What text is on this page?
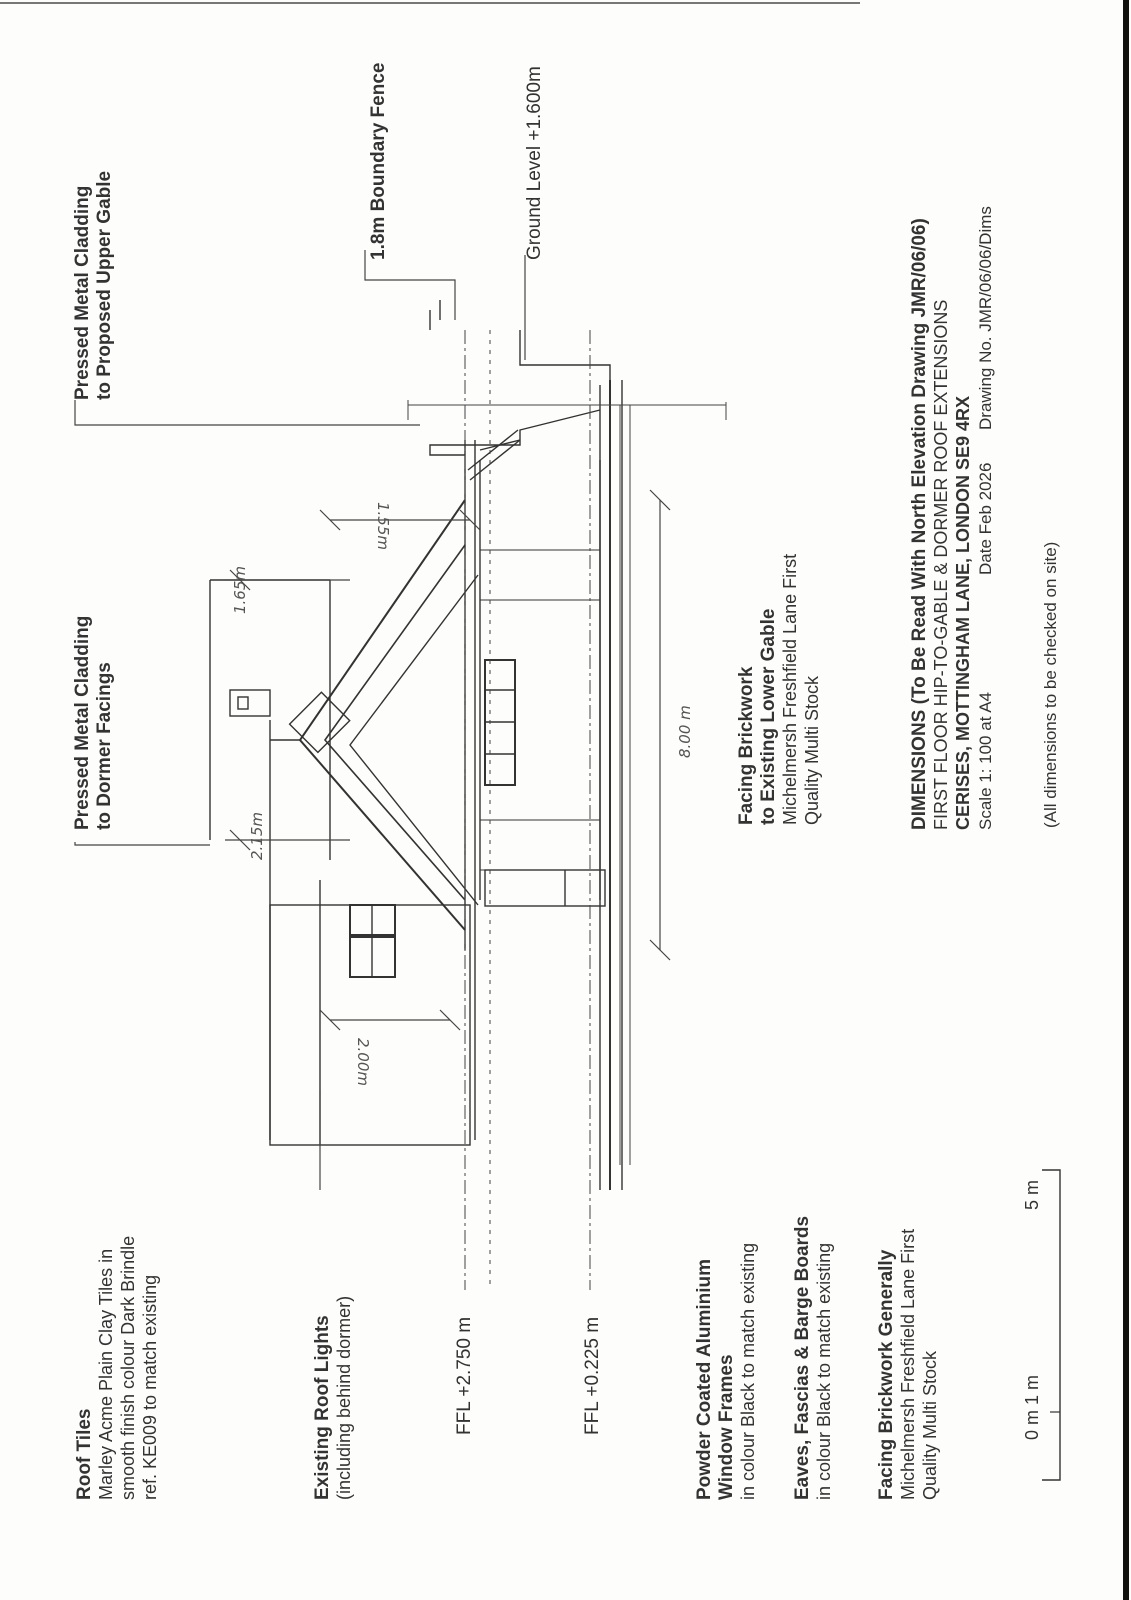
1.55m
1.65m
2.15m
8.00 m
2.00m
Roof Tiles Marley Acme Plain Clay Tiles in smooth finish colour Dark Brindle ref. KE009 to match existing	Existing Roof Lights (including behind dormer)	FFL +2.750 m	FFL +0.225 m	Powder Coated Aluminium Window Frames in colour Black to match existing Eaves, Fascias & Barge Boards in colour Black to match existing Facing Brickwork Generally Michelmersh Freshfield Lane First Quality Multi Stock	0 m 1 m
5 m
Pressed Metal Cladding to Proposed Upper Gable
Pressed Metal Cladding to Dormer Facings
1.8m Boundary Fence	Ground Level +1.600m
Facing Brickwork to Existing Lower Gable Michelmersh Freshfield Lane First Quality Multi Stock	DIMENSIONS (To Be Read With North Elevation Drawing JMR/06/06) FIRST FLOOR HIP-TO-GABLE & DORMER ROOF EXTENSIONS CERISES, MOTTINGHAM LANE, LONDON SE9 4RX Scale 1: 100 at A4
Date Feb 2026
Drawing No. JMR/06/06/Dims
(All dimensions to be checked on site)
